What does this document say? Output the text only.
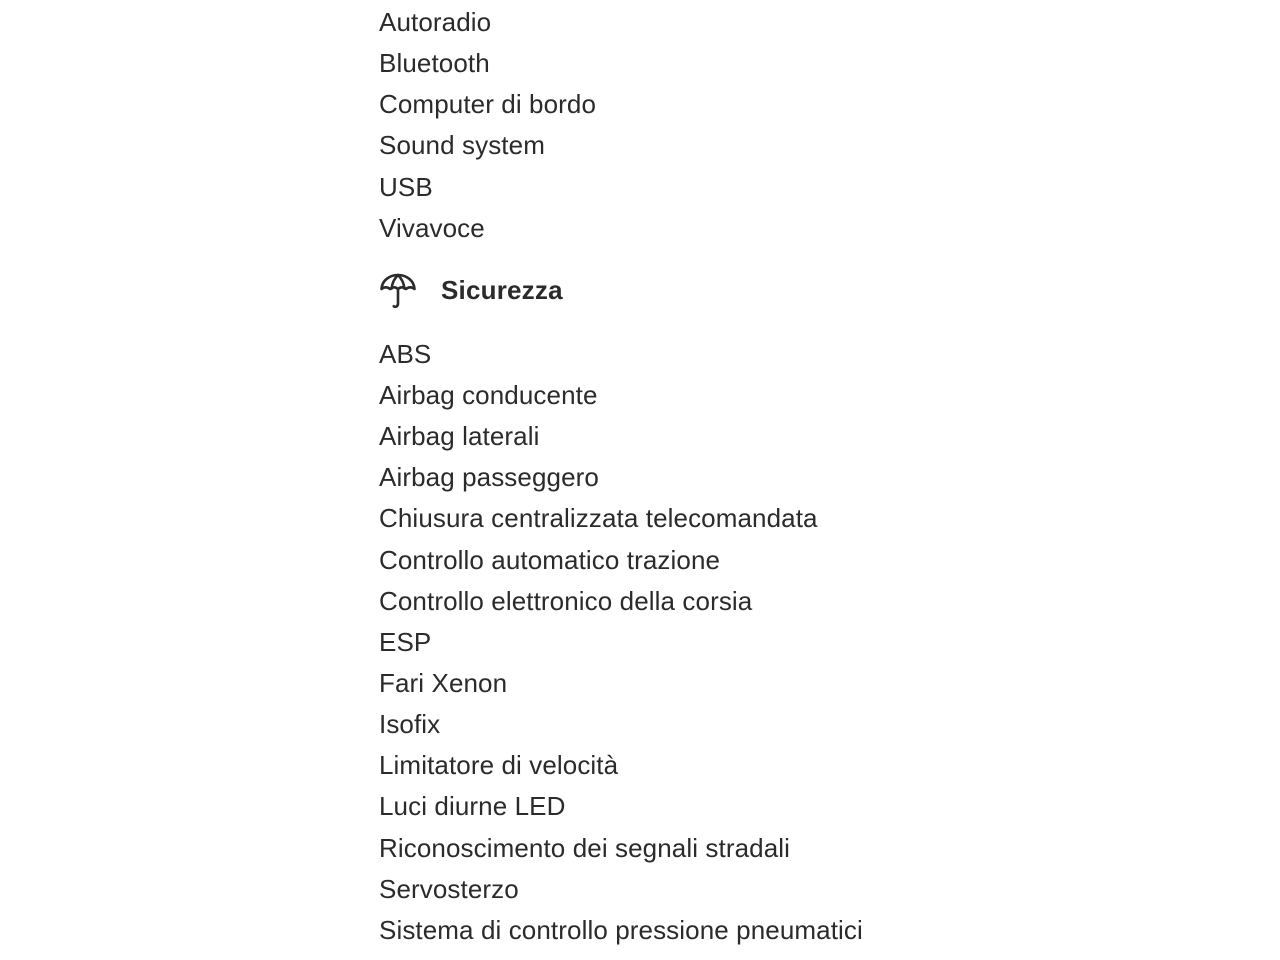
Autoradio
Bluetooth
Computer di bordo
Sound system
USB
Vivavoce
Sicurezza
ABS
Airbag conducente
Airbag laterali
Airbag passeggero
Chiusura centralizzata telecomandata
Controllo automatico trazione
Controllo elettronico della corsia
ESP
Fari Xenon
Isofix
Limitatore di velocità
Luci diurne LED
Riconoscimento dei segnali stradali
Servosterzo
Sistema di controllo pressione pneumatici
